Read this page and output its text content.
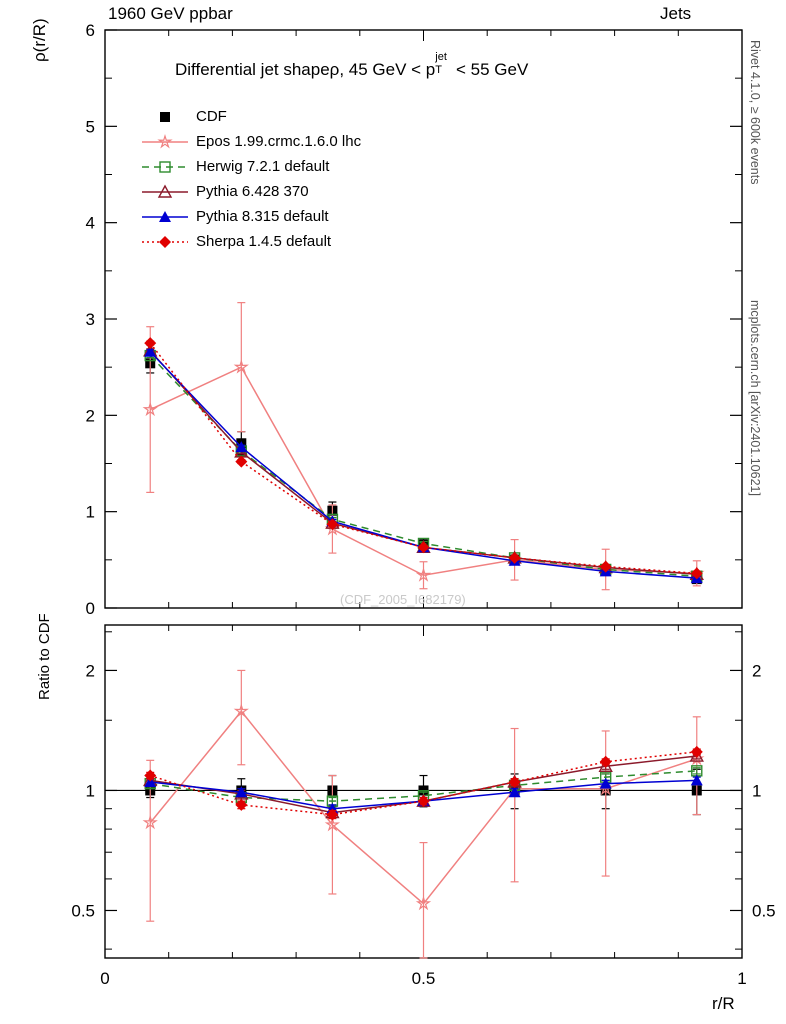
1960 GeV ppbar	Jets
Rivet 4.1.0, ≥ 600k events
mcplots.cern.ch [arXiv:2401.10621]
0
1
2
3
4
5
6
0.5	0.5
1	1
2	2
0	0.5	1
ρ(r/R)
Ratio to CDF
r/R
Differential jet shapeρ, 45 GeV < p
jet
T < 55 GeV
(CDF_2005_I682179)
CDF
Epos 1.99.crmc.1.6.0 lhc
Herwig 7.2.1 default
Pythia 6.428 370
Pythia 8.315 default
Sherpa 1.4.5 default
